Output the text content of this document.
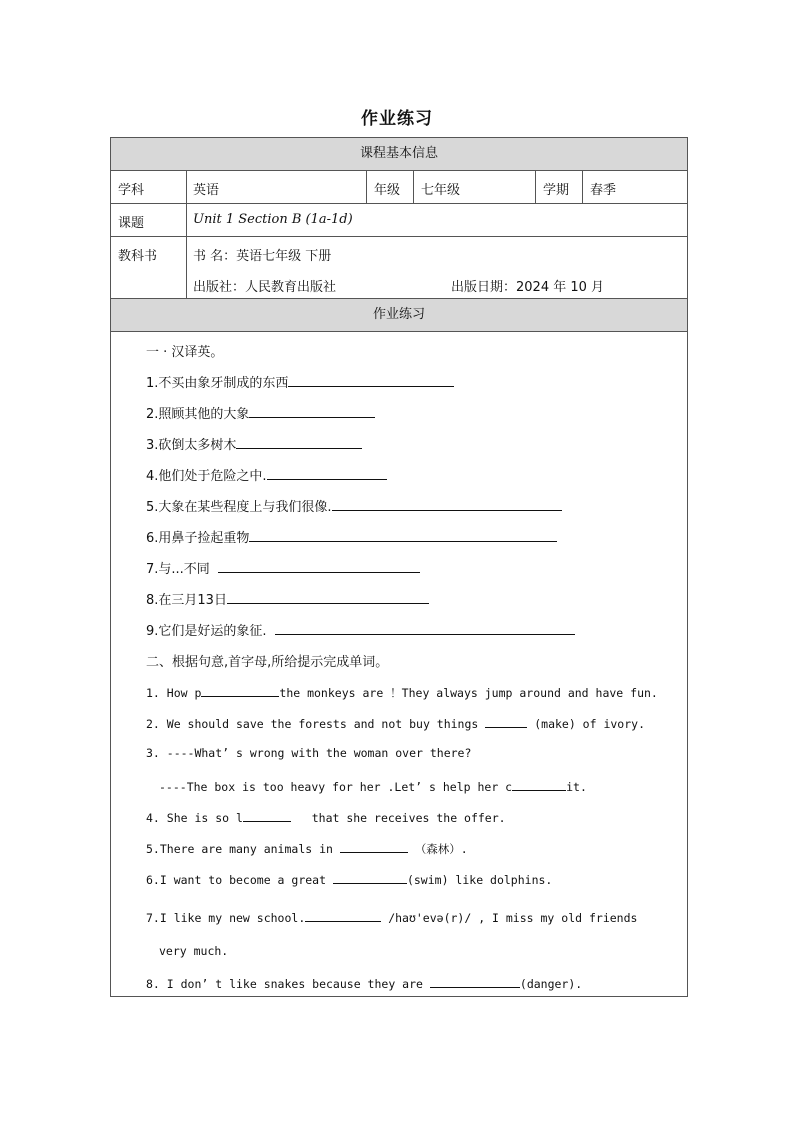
作业练习
课程基本信息
学科	英语	年级 七年级	学期 春季
课题	Unit 1 Section B (1a-1d)
教科书	书 名：英语七年级 下册
出版社：人民教育出版社	出版日期：2024 年 10 月
作业练习
一 · 汉译英。
1.不买由象牙制成的东西
2.照顾其他的大象
3.砍倒太多树木
4.他们处于危险之中.
5.大象在某些程度上与我们很像.
6.用鼻子捡起重物
7.与...不同
8.在三月13日
9.它们是好运的象征.
二、根据句意,首字母,所给提示完成单词。
1. How p	the monkeys are ！They always jump around and have fun.
2. We should save the forests and not buy things	(make) of ivory.
3. ----What’ s wrong with the woman over there?
----The box is too heavy for her .Let’ s help her c	it.
4. She is so l	that she receives the offer.
5.There are many animals in	（森林）.
6.I want to become a great	(swim) like dolphins.
7.I like my new school.	/haʊ'evə(r)/ , I miss my old friends
very much.
8. I don’ t like snakes because they are	(danger).
